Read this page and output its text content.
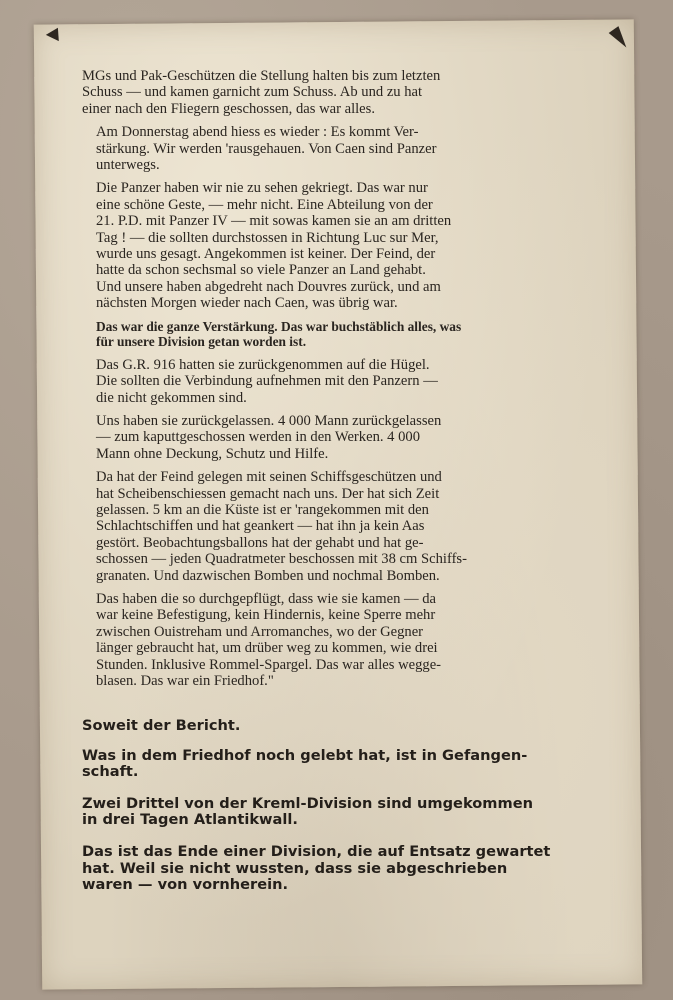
MGs und Pak-Geschützen die Stellung halten bis zum letzten
Schuss — und kamen garnicht zum Schuss. Ab und zu hat
einer nach den Fliegern geschossen, das war alles.

Am Donnerstag abend hiess es wieder : Es kommt Ver-
stärkung. Wir werden 'rausgehauen. Von Caen sind Panzer
unterwegs.

Die Panzer haben wir nie zu sehen gekriegt. Das war nur
eine schöne Geste, — mehr nicht. Eine Abteilung von der
21. P.D. mit Panzer IV — mit sowas kamen sie an am dritten
Tag ! — die sollten durchstossen in Richtung Luc sur Mer,
wurde uns gesagt. Angekommen ist keiner. Der Feind, der
hatte da schon sechsmal so viele Panzer an Land gehabt.
Und unsere haben abgedreht nach Douvres zurück, und am
nächsten Morgen wieder nach Caen, was übrig war.

Das war die ganze Verstärkung. Das war buchstäblich alles, was
für unsere Division getan worden ist.

Das G.R. 916 hatten sie zurückgenommen auf die Hügel.
Die sollten die Verbindung aufnehmen mit den Panzern —
die nicht gekommen sind.

Uns haben sie zurückgelassen. 4 000 Mann zurückgelassen
— zum kaputtgeschossen werden in den Werken. 4 000
Mann ohne Deckung, Schutz und Hilfe.

Da hat der Feind gelegen mit seinen Schiffsgeschützen und
hat Scheibenschiessen gemacht nach uns. Der hat sich Zeit
gelassen. 5 km an die Küste ist er 'rangekommen mit den
Schlachtschiffen und hat geankert — hat ihn ja kein Aas
gestört. Beobachtungsballons hat der gehabt und hat ge-
schossen — jeden Quadratmeter beschossen mit 38 cm Schiffs-
granaten. Und dazwischen Bomben und nochmal Bomben.

Das haben die so durchgepflügt, dass wie sie kamen — da
war keine Befestigung, kein Hindernis, keine Sperre mehr
zwischen Ouistreham und Arromanches, wo der Gegner
länger gebraucht hat, um drüber weg zu kommen, wie drei
Stunden. Inklusive Rommel-Spargel. Das war alles wegge-
blasen. Das war ein Friedhof."

Soweit der Bericht.

Was in dem Friedhof noch gelebt hat, ist in Gefangen-
schaft.

Zwei Drittel von der Kreml-Division sind umgekommen
in drei Tagen Atlantikwall.

Das ist das Ende einer Division, die auf Entsatz gewartet
hat. Weil sie nicht wussten, dass sie abgeschrieben
waren — von vornherein.
